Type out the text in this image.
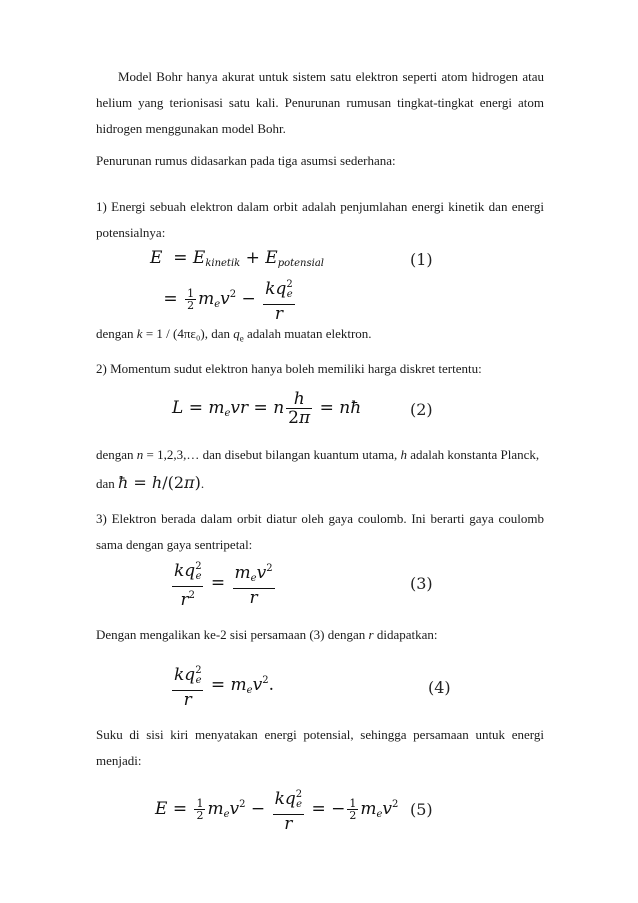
Model Bohr hanya akurat untuk sistem satu elektron seperti atom hidrogen atau helium yang terionisasi satu kali. Penurunan rumusan tingkat-tingkat energi atom hidrogen menggunakan model Bohr.

Penurunan rumus didasarkan pada tiga asumsi sederhana:

1) Energi sebuah elektron dalam orbit adalah penjumlahan energi kinetik dan energi potensialnya:

$E = E_{kinetik} + E_{potensial}$
= $\frac{1}{2} m_ev^2 - \frac{kq^2_e}{r}$
(1)

dengan k = 1 / (4πε₀), dan $q_e$ adalah muatan elektron.

2) Momentum sudut elektron hanya boleh memiliki harga diskret tertentu:

$L = m_evr = n \frac{h}{2\pi}$ = nħ	(2)

dengan n = 1,2,3,… dan disebut bilangan kuantum utama, h adalah konstanta Planck,

dan ħ = h/(2π).

3) Elektron berada dalam orbit diatur oleh gaya coulomb. Ini berarti gaya coulomb sama dengan gaya sentripetal:

$\frac{kq^2_e}{r^2} = \frac{m_ev^2}{r}$	(3)

Dengan mengalikan ke-2 sisi persamaan (3) dengan r didapatkan:

$\frac{kq^2_e}{r} = m_ev^2$.	(4)

Suku di sisi kiri menyatakan energi potensial, sehingga persamaan untuk energi menjadi:

$E = \frac{1}{2} m_ev^2 - \frac{kq^2_e}{r}$ = − $\frac{1}{2} m_ev^2$ (5)
